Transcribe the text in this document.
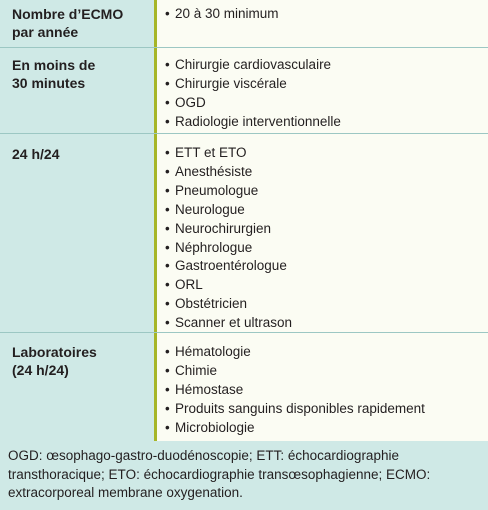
Nombre d’ECMO
par année
• 20 à 30 minimum
En moins de
30 minutes
• Chirurgie cardiovasculaire
• Chirurgie viscérale
• OGD
• Radiologie interventionnelle
24 h/24	• ETT et ETO
• Anesthésiste
• Pneumologue
• Neurologue
• Neurochirurgien
• Néphrologue
• Gastroentérologue
• ORL
• Obstétricien
• Scanner et ultrason
Laboratoires
(24 h/24)
• Hématologie
• Chimie
• Hémostase
• Produits sanguins disponibles rapidement
• Microbiologie
OGD: œsophago-gastro-duodénoscopie; ETT: échocardiographie
transthoracique; ETO: échocardiographie transœsophagienne; ECMO:
extracorporeal membrane oxygenation.
